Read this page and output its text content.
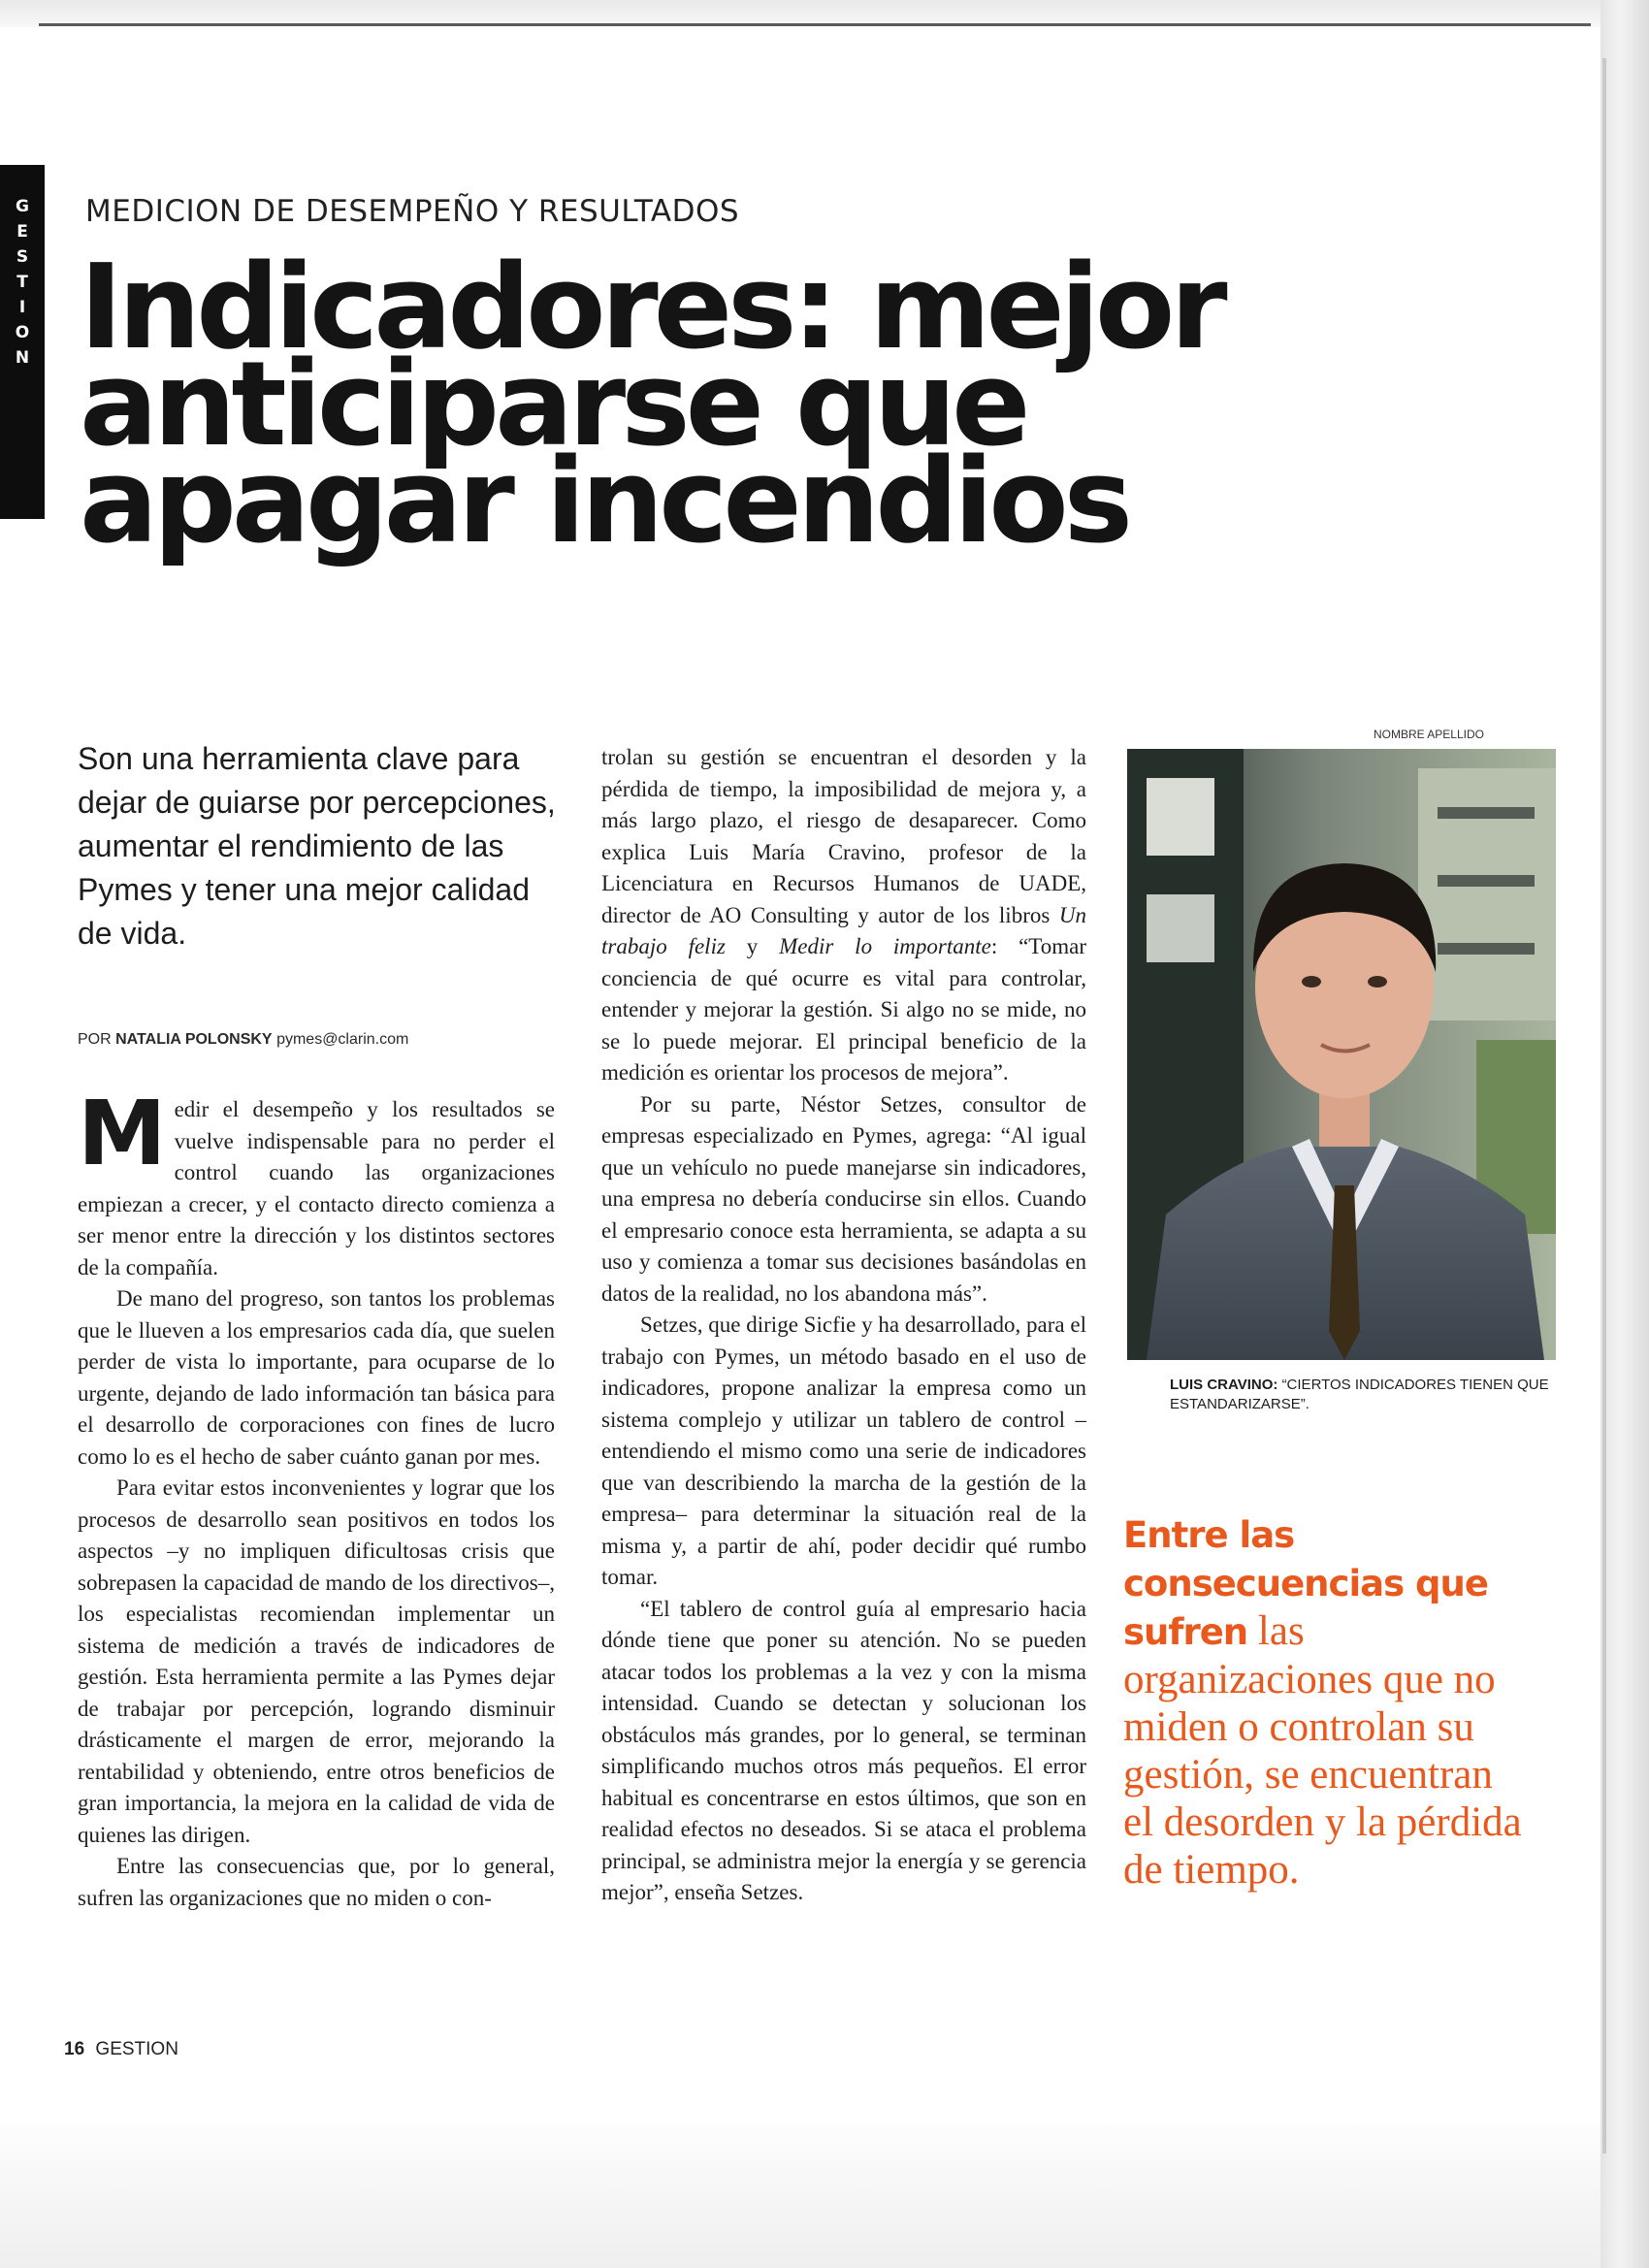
G
E
S
T
I
O
N
MEDICION DE DESEMPEÑO Y RESULTADOS
Indicadores: mejor
anticiparse que
apagar incendios

Son una herramienta clave para dejar de guiarse por percepciones, aumentar el rendimiento de las Pymes y tener una mejor calidad de vida.

POR NATALIA POLONSKY pymes@clarin.com

Medir el desempeño y los resultados se vuelve indispensable para no perder el control cuando las organizaciones empiezan a crecer, y el contacto directo comienza a ser menor entre la dirección y los distintos sectores de la compañía.

De mano del progreso, son tantos los problemas que le llueven a los empresarios cada día, que suelen perder de vista lo importante, para ocuparse de lo urgente, dejando de lado información tan básica para el desarrollo de corporaciones con fines de lucro como lo es el hecho de saber cuánto ganan por mes.

Para evitar estos inconvenientes y lograr que los procesos de desarrollo sean positivos en todos los aspectos –y no impliquen dificultosas crisis que sobrepasen la capacidad de mando de los directivos–, los especialistas recomiendan implementar un sistema de medición a través de indicadores de gestión. Esta herramienta permite a las Pymes dejar de trabajar por percepción, logrando disminuir drásticamente el margen de error, mejorando la rentabilidad y obteniendo, entre otros beneficios de gran importancia, la mejora en la calidad de vida de quienes las dirigen.

Entre las consecuencias que, por lo general, sufren las organizaciones que no miden o con-

trolan su gestión se encuentran el desorden y la pérdida de tiempo, la imposibilidad de mejora y, a más largo plazo, el riesgo de desaparecer. Como explica Luis María Cravino, profesor de la Licenciatura en Recursos Humanos de UADE, director de AO Consulting y autor de los libros Un trabajo feliz y Medir lo importante: “Tomar conciencia de qué ocurre es vital para controlar, entender y mejorar la gestión. Si algo no se mide, no se lo puede mejorar. El principal beneficio de la medición es orientar los procesos de mejora”.

Por su parte, Néstor Setzes, consultor de empresas especializado en Pymes, agrega: “Al igual que un vehículo no puede manejarse sin indicadores, una empresa no debería conducirse sin ellos. Cuando el empresario conoce esta herramienta, se adapta a su uso y comienza a tomar sus decisiones basándolas en datos de la realidad, no los abandona más”.

Setzes, que dirige Sicfie y ha desarrollado, para el trabajo con Pymes, un método basado en el uso de indicadores, propone analizar la empresa como un sistema complejo y utilizar un tablero de control –entendiendo el mismo como una serie de indicadores que van describiendo la marcha de la gestión de la empresa– para determinar la situación real de la misma y, a partir de ahí, poder decidir qué rumbo tomar.

“El tablero de control guía al empresario hacia dónde tiene que poner su atención. No se pueden atacar todos los problemas a la vez y con la misma intensidad. Cuando se detectan y solucionan los obstáculos más grandes, por lo general, se terminan simplificando muchos otros más pequeños. El error habitual es concentrarse en estos últimos, que son en realidad efectos no deseados. Si se ataca el problema principal, se administra mejor la energía y se gerencia mejor”, enseña Setzes.

NOMBRE APELLIDO
LUIS CRAVINO: “CIERTOS INDICADORES TIENEN QUE ESTANDARIZARSE”.

Entre las consecuencias que sufren las organizaciones que no miden o controlan su gestión, se encuentran el desorden y la pérdida de tiempo.

16 GESTION
